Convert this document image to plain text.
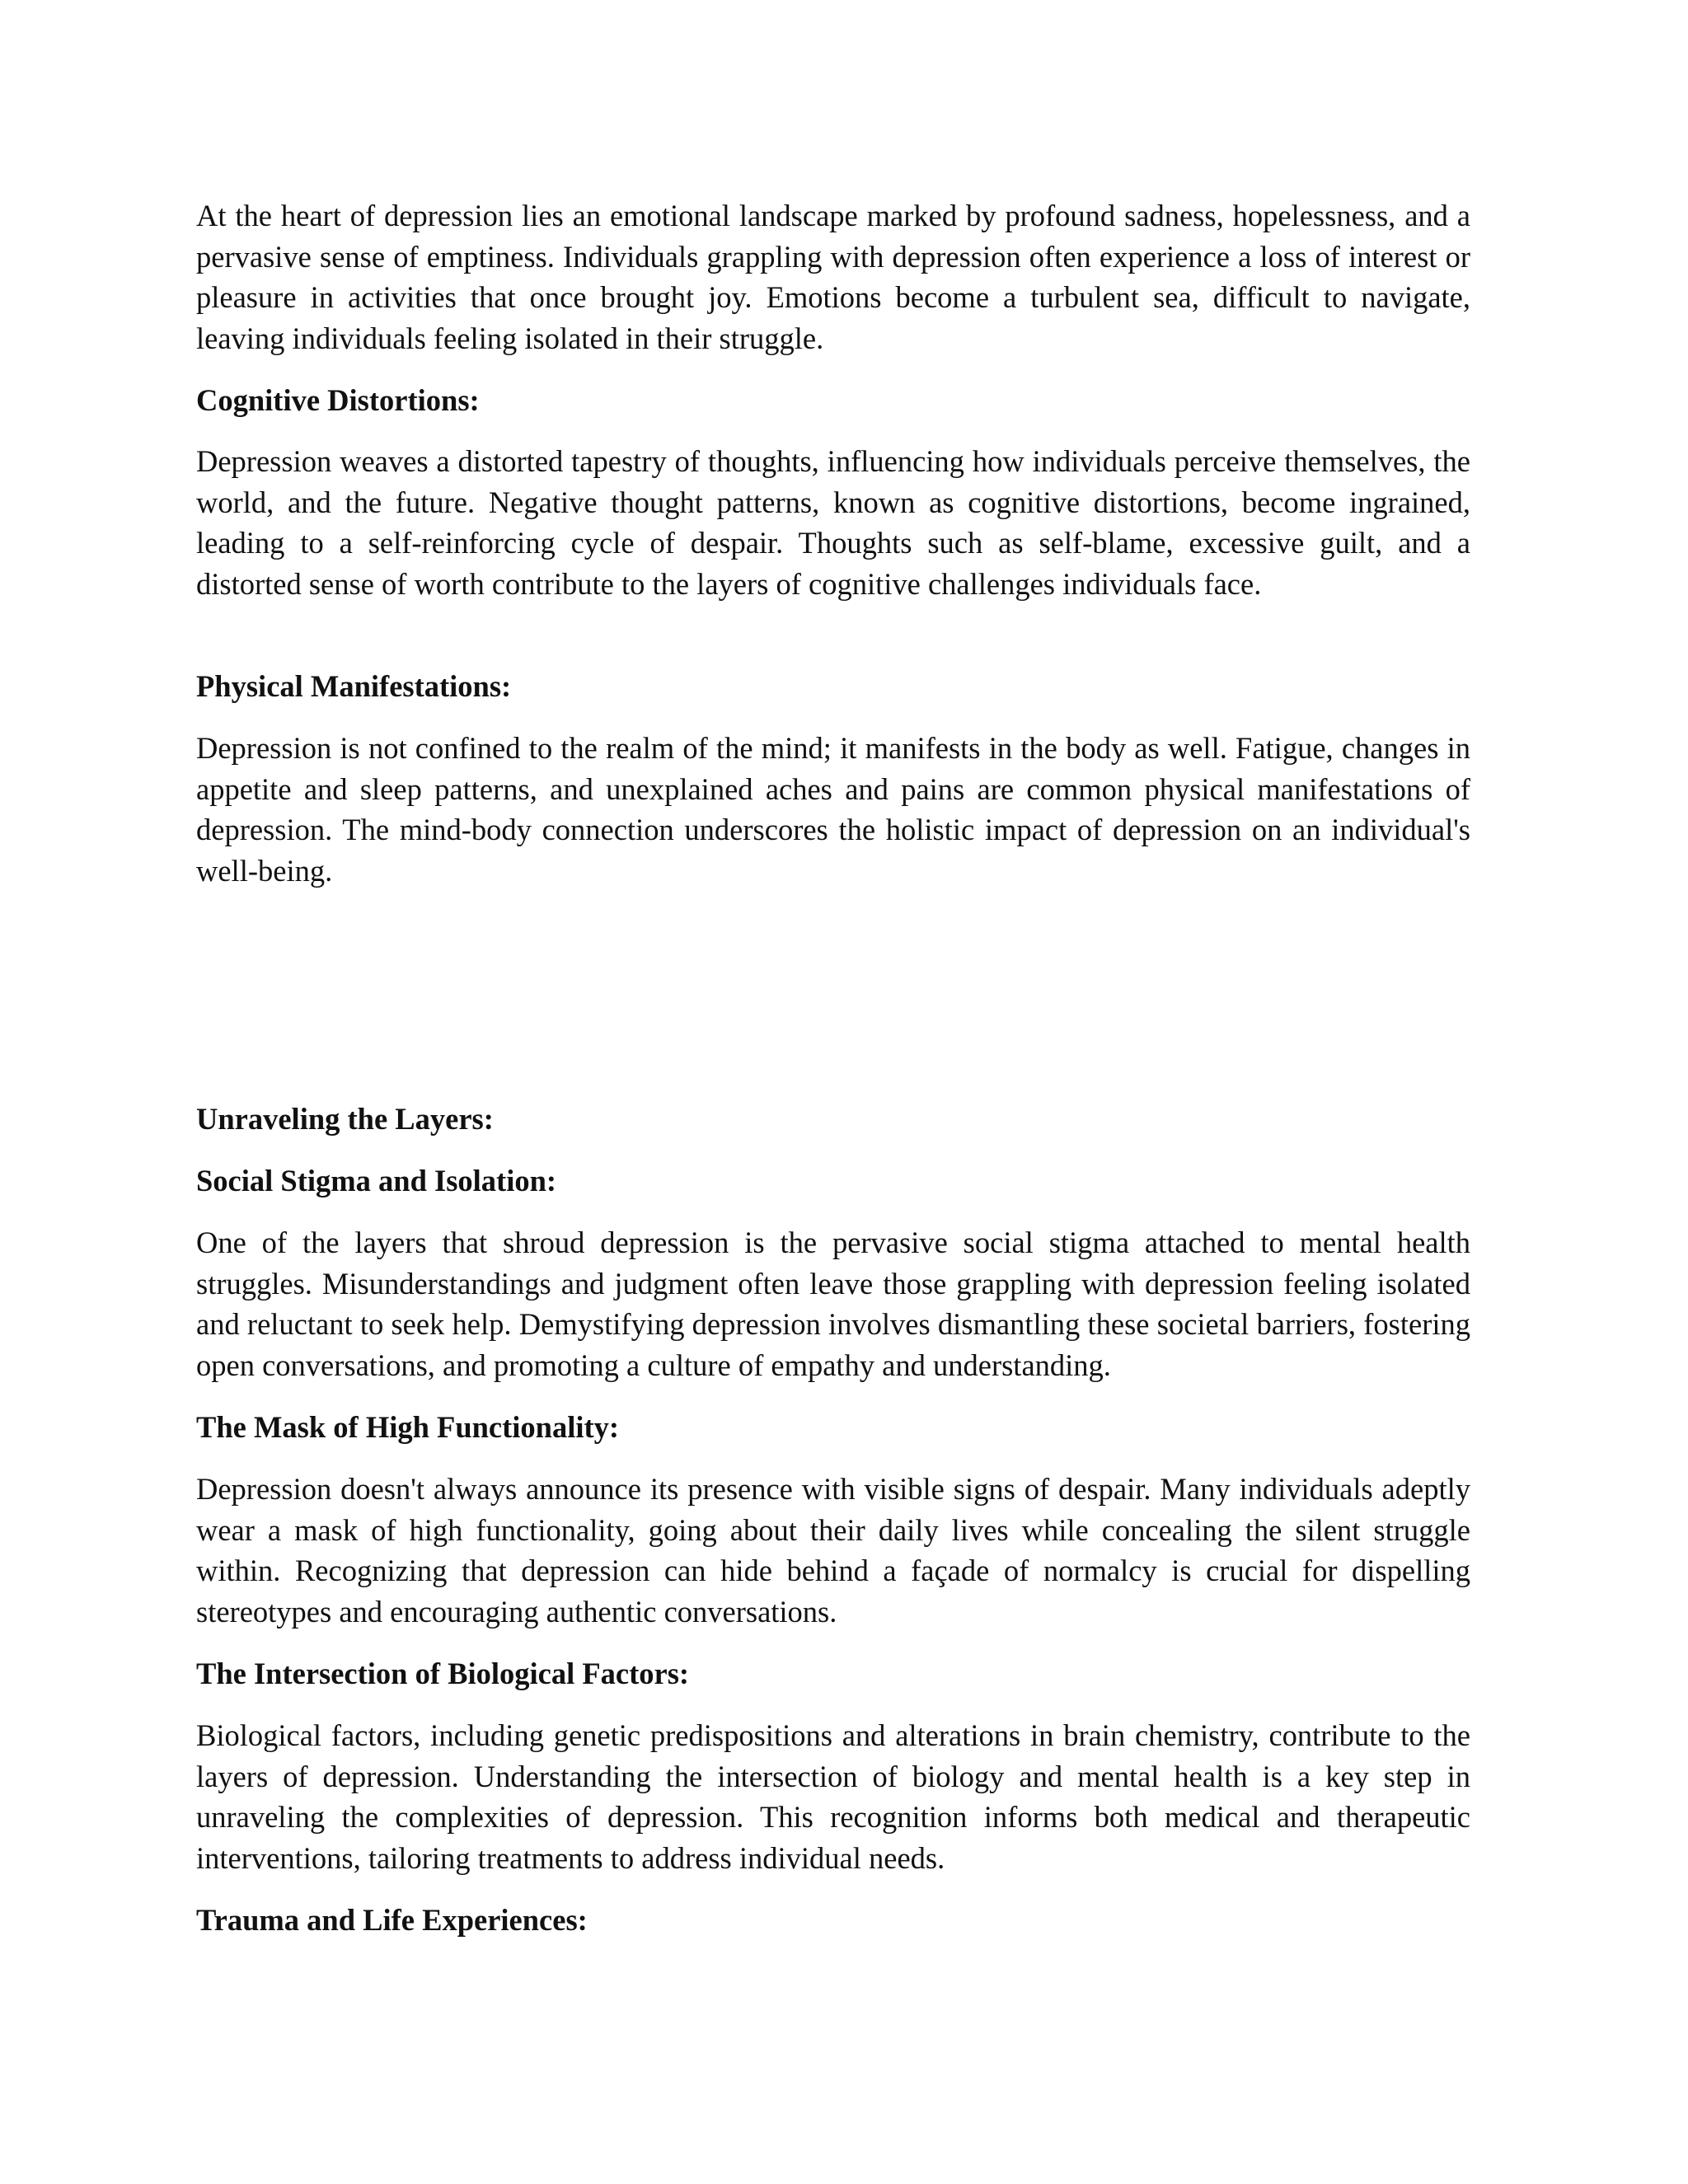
At the heart of depression lies an emotional landscape marked by profound sadness, hopelessness, and a pervasive sense of emptiness. Individuals grappling with depression often experience a loss of interest or pleasure in activities that once brought joy. Emotions become a turbulent sea, difficult to navigate, leaving individuals feeling isolated in their struggle.

Cognitive Distortions:

Depression weaves a distorted tapestry of thoughts, influencing how individuals perceive themselves, the world, and the future. Negative thought patterns, known as cognitive distortions, become ingrained, leading to a self-reinforcing cycle of despair. Thoughts such as self-blame, excessive guilt, and a distorted sense of worth contribute to the layers of cognitive challenges individuals face.

Physical Manifestations:

Depression is not confined to the realm of the mind; it manifests in the body as well. Fatigue, changes in appetite and sleep patterns, and unexplained aches and pains are common physical manifestations of depression. The mind-body connection underscores the holistic impact of depression on an individual's well-being.

Unraveling the Layers:
Social Stigma and Isolation:

One of the layers that shroud depression is the pervasive social stigma attached to mental health struggles. Misunderstandings and judgment often leave those grappling with depression feeling isolated and reluctant to seek help. Demystifying depression involves dismantling these societal barriers, fostering open conversations, and promoting a culture of empathy and understanding.

The Mask of High Functionality:

Depression doesn't always announce its presence with visible signs of despair. Many individuals adeptly wear a mask of high functionality, going about their daily lives while concealing the silent struggle within. Recognizing that depression can hide behind a façade of normalcy is crucial for dispelling stereotypes and encouraging authentic conversations.

The Intersection of Biological Factors:

Biological factors, including genetic predispositions and alterations in brain chemistry, contribute to the layers of depression. Understanding the intersection of biology and mental health is a key step in unraveling the complexities of depression. This recognition informs both medical and therapeutic interventions, tailoring treatments to address individual needs.

Trauma and Life Experiences:
